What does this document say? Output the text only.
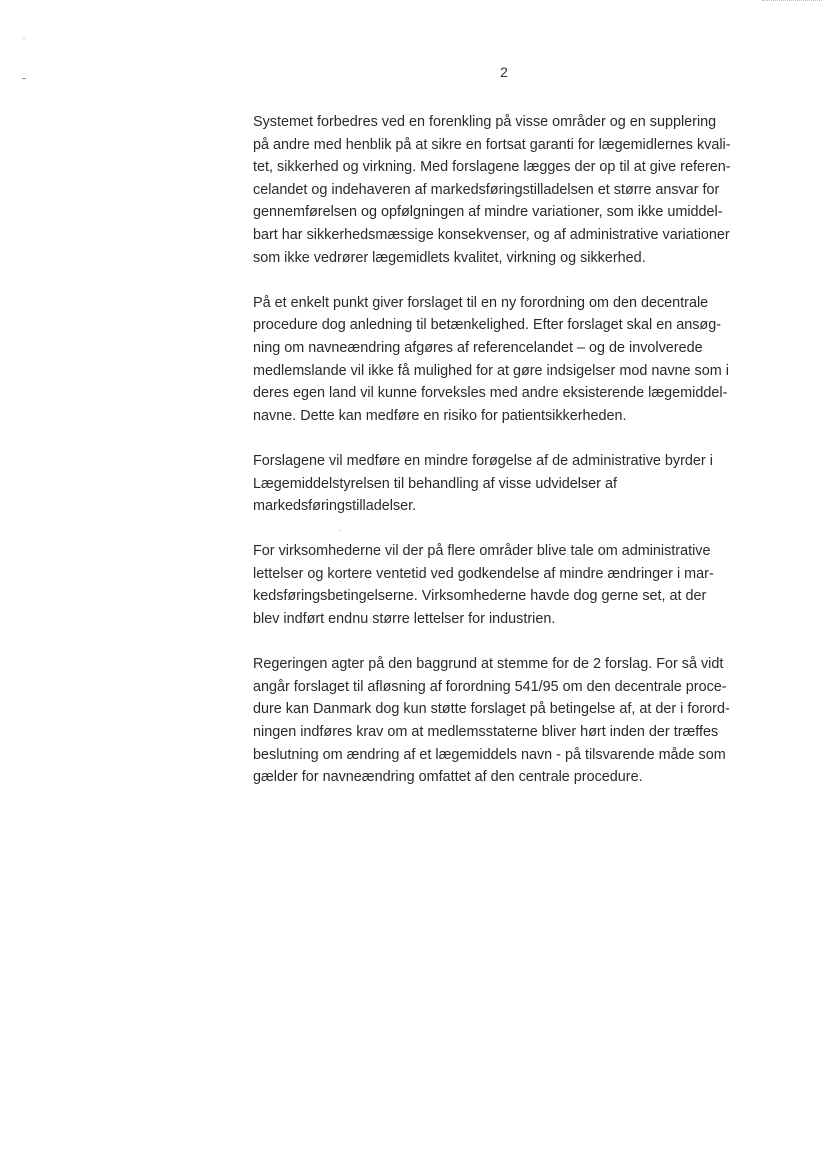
2
Systemet forbedres ved en forenkling på visse områder og en supplering
på andre med henblik på at sikre en fortsat garanti for lægemidlernes kvali-
tet, sikkerhed og virkning. Med forslagene lægges der op til at give referen-
celandet og indehaveren af markedsføringstilladelsen et større ansvar for
gennemførelsen og opfølgningen af mindre variationer, som ikke umiddel-
bart har sikkerhedsmæssige konsekvenser, og af administrative variationer
som ikke vedrører lægemidlets kvalitet, virkning og sikkerhed.
På et enkelt punkt giver forslaget til en ny forordning om den decentrale
procedure dog anledning til betænkelighed. Efter forslaget skal en ansøg-
ning om navneændring afgøres af referencelandet – og de involverede
medlemslande vil ikke få mulighed for at gøre indsigelser mod navne som i
deres egen land vil kunne forveksles med andre eksisterende lægemiddel-
navne. Dette kan medføre en risiko for patientsikkerheden.
Forslagene vil medføre en mindre forøgelse af de administrative byrder i
Lægemiddelstyrelsen til behandling af visse udvidelser af
markedsføringstilladelser.
For virksomhederne vil der på flere områder blive tale om administrative
lettelser og kortere ventetid ved godkendelse af mindre ændringer i mar-
kedsføringsbetingelserne. Virksomhederne havde dog gerne set, at der
blev indført endnu større lettelser for industrien.
Regeringen agter på den baggrund at stemme for de 2 forslag. For så vidt
angår forslaget til afløsning af forordning 541/95 om den decentrale proce-
dure kan Danmark dog kun støtte forslaget på betingelse af, at der i forord-
ningen indføres krav om at medlemsstaterne bliver hørt inden der træffes
beslutning om ændring af et lægemiddels navn - på tilsvarende måde som
gælder for navneændring omfattet af den centrale procedure.
